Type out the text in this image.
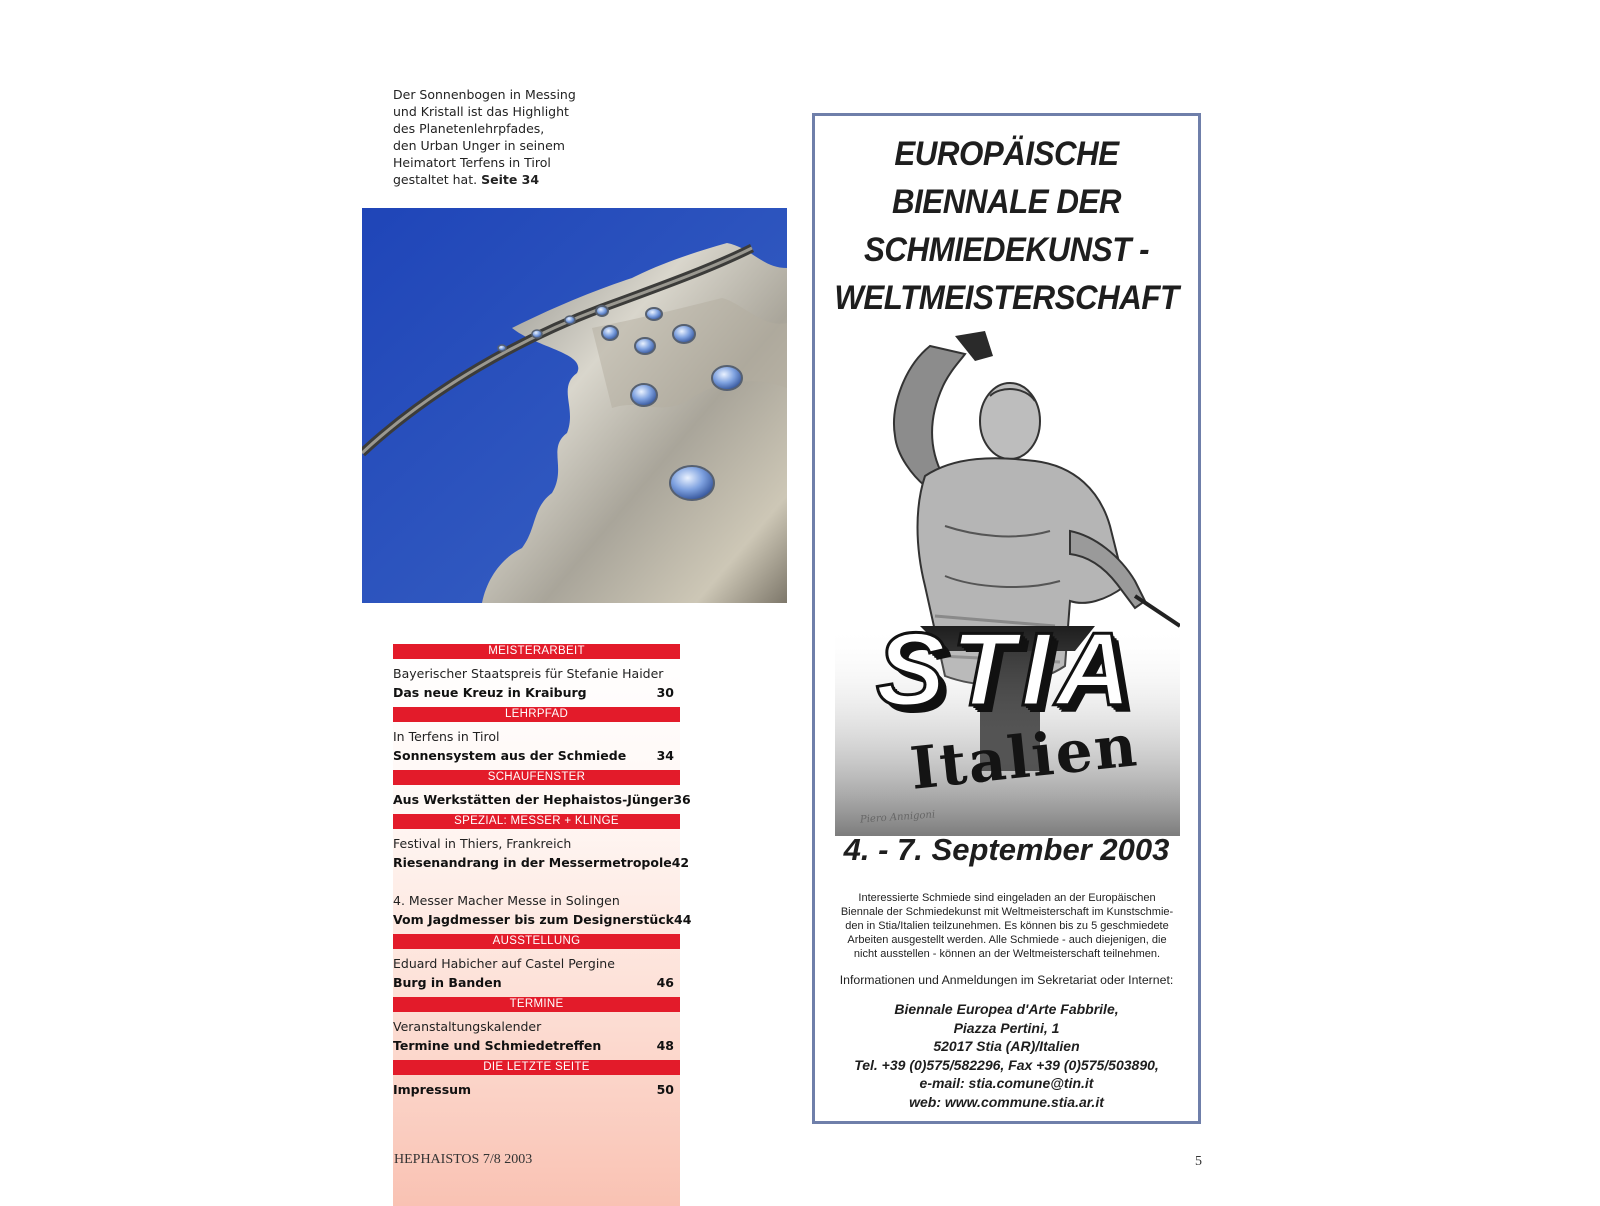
Der Sonnenbogen in Messing
und Kristall ist das Highlight
des Planetenlehrpfades,
den Urban Unger in seinem
Heimatort Terfens in Tirol
gestaltet hat. Seite 34
MEISTERARBEIT
Bayerischer Staatspreis für Stefanie Haider
Das neue Kreuz in Kraiburg	30
LEHRPFAD
In Terfens in Tirol
Sonnensystem aus der Schmiede 34
SCHAUFENSTER
Aus Werkstätten der Hephaistos-Jünger 36
SPEZIAL: MESSER + KLINGE
Festival in Thiers, Frankreich
Riesenandrang in der Messermetropole 42
4. Messer Macher Messe in Solingen
Vom Jagdmesser bis zum Designerstück 44
AUSSTELLUNG
Eduard Habicher auf Castel Pergine
Burg in Banden	46
TERMINE
Veranstaltungskalender
Termine und Schmiedetreffen	48
DIE LETZTE SEITE
Impressum	50
HEPHAISTOS 7/8 2003	5
EUROPÄISCHE
BIENNALE DER
SCHMIEDEKUNST -
WELTMEISTERSCHAFT
STIA
Italien
Piero Annigoni
4. - 7. September 2003
Interessierte Schmiede sind eingeladen an der Europäischen
Biennale der Schmiedekunst mit Weltmeisterschaft im Kunstschmie-
den in Stia/Italien teilzunehmen. Es können bis zu 5 geschmiedete
Arbeiten ausgestellt werden. Alle Schmiede - auch diejenigen, die
nicht ausstellen - können an der Weltmeisterschaft teilnehmen.
Informationen und Anmeldungen im Sekretariat oder Internet:
Biennale Europea d'Arte Fabbrile,
Piazza Pertini, 1
52017 Stia (AR)/Italien
Tel. +39 (0)575/582296, Fax +39 (0)575/503890,
e-mail: stia.comune@tin.it
web: www.commune.stia.ar.it
